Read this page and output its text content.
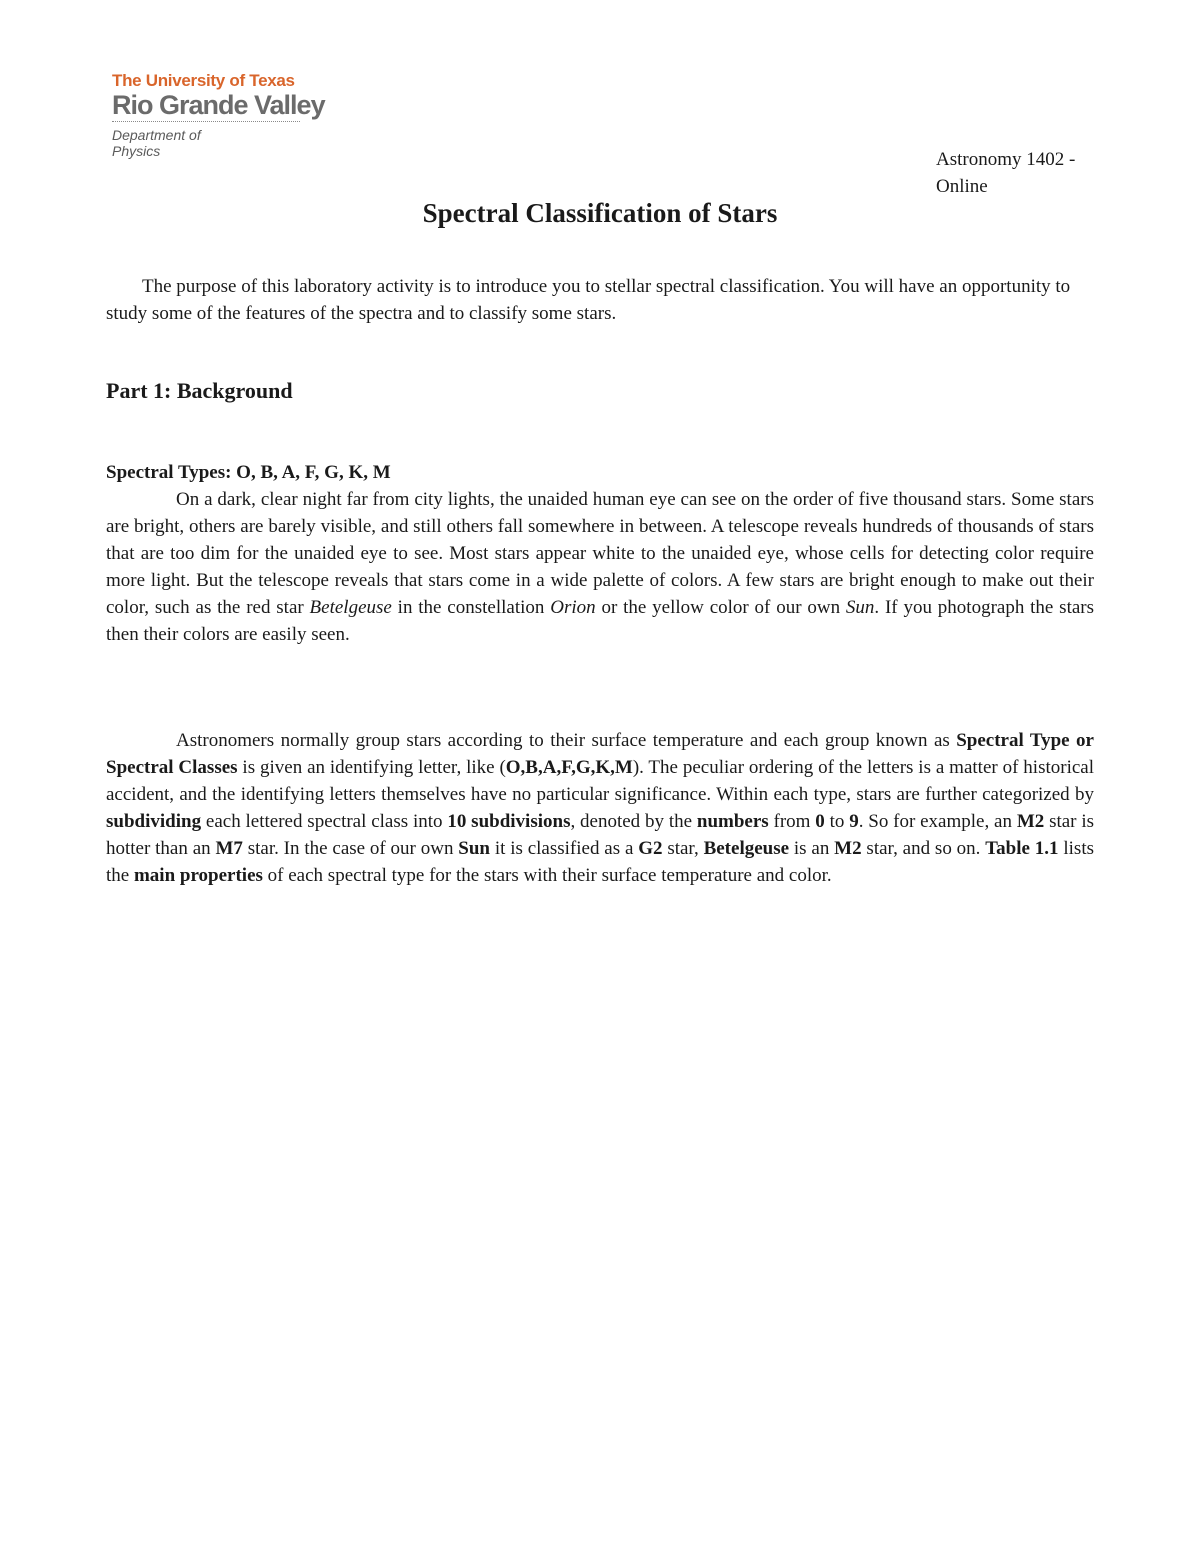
The University of Texas
Rio Grande Valley
Department of
Physics	Astronomy 1402 -
Online
Spectral Classification of Stars

The purpose of this laboratory activity is to introduce you to stellar spectral classification. You will have an opportunity to study some of the features of the spectra and to classify some stars.

Part 1: Background
Spectral Types: O, B, A, F, G, K, M

On a dark, clear night far from city lights, the unaided human eye can see on the order of five thousand stars. Some stars are bright, others are barely visible, and still others fall somewhere in between. A telescope reveals hundreds of thousands of stars that are too dim for the unaided eye to see. Most stars appear white to the unaided eye, whose cells for detecting color require more light. But the telescope reveals that stars come in a wide palette of colors. A few stars are bright enough to make out their color, such as the red star Betelgeuse in the constellation Orion or the yellow color of our own Sun. If you photograph the stars then their colors are easily seen.

Astronomers normally group stars according to their surface temperature and each group known as Spectral Type or Spectral Classes is given an identifying letter, like (O,B,A,F,G,K,M). The peculiar ordering of the letters is a matter of historical accident, and the identifying letters themselves have no particular significance. Within each type, stars are further categorized by subdividing each lettered spectral class into 10 subdivisions, denoted by the numbers from 0 to 9. So for example, an M2 star is hotter than an M7 star. In the case of our own Sun it is classified as a G2 star, Betelgeuse is an M2 star, and so on. Table 1.1 lists the main properties of each spectral type for the stars with their surface temperature and color.
